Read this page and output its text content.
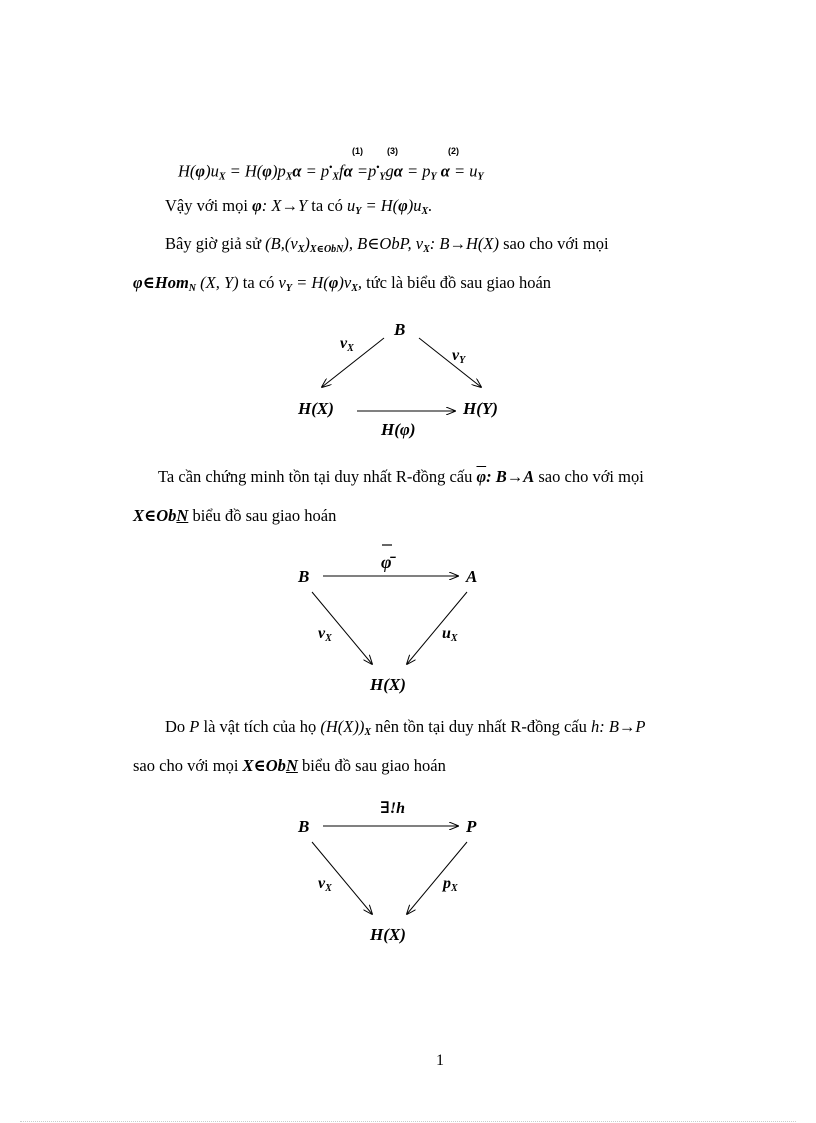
(1)	(3)	(2)
$H(\varphi)u_X = H(\varphi)p_X\alpha = p^•_Xf\alpha =p^•_Yg\alpha = p_Y$ $\alpha = u_Y$
Vậy với mọi φ: X→Y ta có $u_Y = H(\varphi)u_X$.
Bây giờ giả sử $(B,(v_X)_{X\in ObN})$, B∈ObP, $v_X$: B→H(X) sao cho với mọi
φ∈Hom$_N$ (X, Y) ta có $v_Y = H(\varphi)v_X$, tức là biểu đồ sau giao hoán
B
vX	vY
H(X)	H(Y)
H(φ)
Ta cần chứng minh tồn tại duy nhất R-đồng cấu $\overline{\varphi}$: B→A sao cho với mọi
X∈ObN biểu đồ sau giao hoán
B	A
φ̄
vX	uX
H(X)
Do P là vật tích của họ $(H(X))_X$ nên tồn tại duy nhất R-đồng cấu h: B→P
sao cho với mọi X∈ObN biểu đồ sau giao hoán
B	P
∃!h
vX	pX
H(X)
1
